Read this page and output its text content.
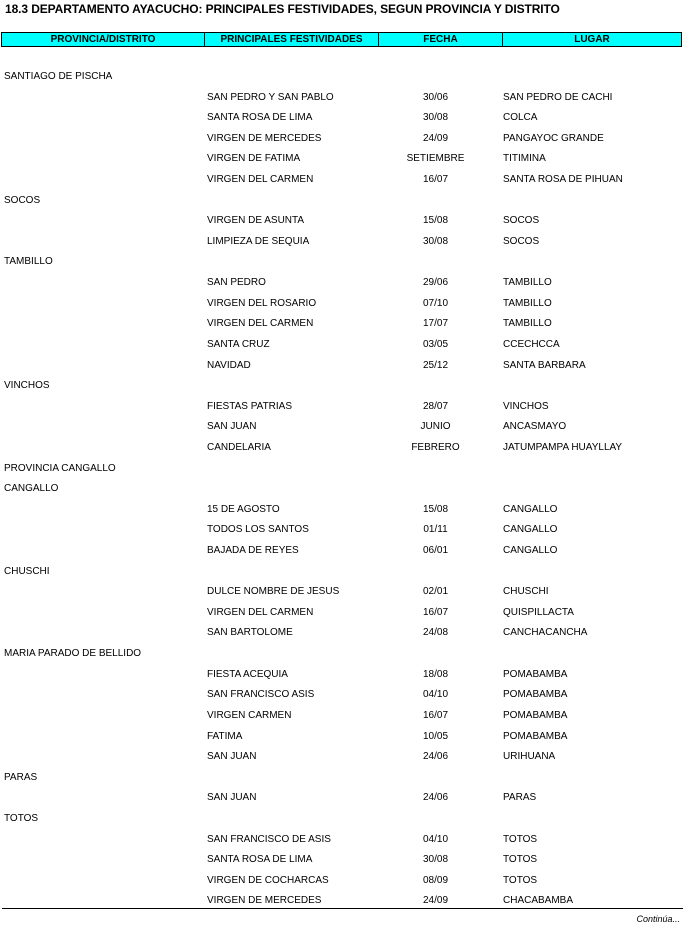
18.3 DEPARTAMENTO AYACUCHO: PRINCIPALES FESTIVIDADES, SEGUN PROVINCIA Y DISTRITO
PROVINCIA/DISTRITO	PRINCIPALES FESTIVIDADES	FECHA	LUGAR
SANTIAGO DE PISCHA
SAN PEDRO Y SAN PABLO	30/06	SAN PEDRO DE CACHI
SANTA ROSA DE LIMA	30/08	COLCA
VIRGEN DE MERCEDES	24/09	PANGAYOC GRANDE
VIRGEN DE FATIMA	SETIEMBRE	TITIMINA
VIRGEN DEL CARMEN	16/07	SANTA ROSA DE PIHUAN
SOCOS
VIRGEN DE ASUNTA	15/08	SOCOS
LIMPIEZA DE SEQUIA	30/08	SOCOS
TAMBILLO
SAN PEDRO	29/06	TAMBILLO
VIRGEN DEL ROSARIO	07/10	TAMBILLO
VIRGEN DEL CARMEN	17/07	TAMBILLO
SANTA CRUZ	03/05	CCECHCCA
NAVIDAD	25/12	SANTA BARBARA
VINCHOS
FIESTAS PATRIAS	28/07	VINCHOS
SAN JUAN	JUNIO	ANCASMAYO
CANDELARIA	FEBRERO	JATUMPAMPA HUAYLLAY
PROVINCIA CANGALLO
CANGALLO
15 DE AGOSTO	15/08	CANGALLO
TODOS LOS SANTOS	01/11	CANGALLO
BAJADA DE REYES	06/01	CANGALLO
CHUSCHI
DULCE NOMBRE DE JESUS	02/01	CHUSCHI
VIRGEN DEL CARMEN	16/07	QUISPILLACTA
SAN BARTOLOME	24/08	CANCHACANCHA
MARIA PARADO DE BELLIDO
FIESTA ACEQUIA	18/08	POMABAMBA
SAN FRANCISCO ASIS	04/10	POMABAMBA
VIRGEN CARMEN	16/07	POMABAMBA
FATIMA	10/05	POMABAMBA
SAN JUAN	24/06	URIHUANA
PARAS
SAN JUAN	24/06	PARAS
TOTOS
SAN FRANCISCO DE ASIS	04/10	TOTOS
SANTA ROSA DE LIMA	30/08	TOTOS
VIRGEN DE COCHARCAS	08/09	TOTOS
VIRGEN DE MERCEDES	24/09	CHACABAMBA
Continúa...
